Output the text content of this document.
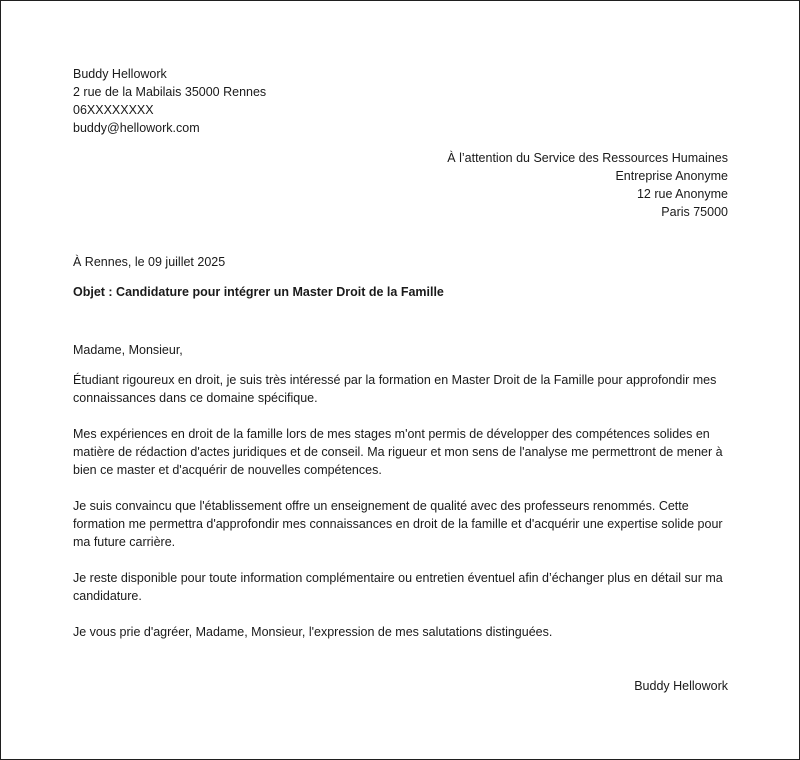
Buddy Hellowork
2 rue de la Mabilais 35000 Rennes
06XXXXXXXX
buddy@hellowork.com
À l’attention du Service des Ressources Humaines
Entreprise Anonyme
12 rue Anonyme
Paris 75000
À Rennes, le 09 juillet 2025
Objet : Candidature pour intégrer un Master Droit de la Famille
Madame, Monsieur,
Étudiant rigoureux en droit, je suis très intéressé par la formation en Master Droit de la Famille pour approfondir mes connaissances dans ce domaine spécifique.
Mes expériences en droit de la famille lors de mes stages m'ont permis de développer des compétences solides en matière de rédaction d'actes juridiques et de conseil. Ma rigueur et mon sens de l'analyse me permettront de mener à bien ce master et d'acquérir de nouvelles compétences.
Je suis convaincu que l'établissement offre un enseignement de qualité avec des professeurs renommés. Cette formation me permettra d'approfondir mes connaissances en droit de la famille et d'acquérir une expertise solide pour ma future carrière.
Je reste disponible pour toute information complémentaire ou entretien éventuel afin d’échanger plus en détail sur ma candidature.
Je vous prie d'agréer, Madame, Monsieur, l'expression de mes salutations distinguées.
Buddy Hellowork
